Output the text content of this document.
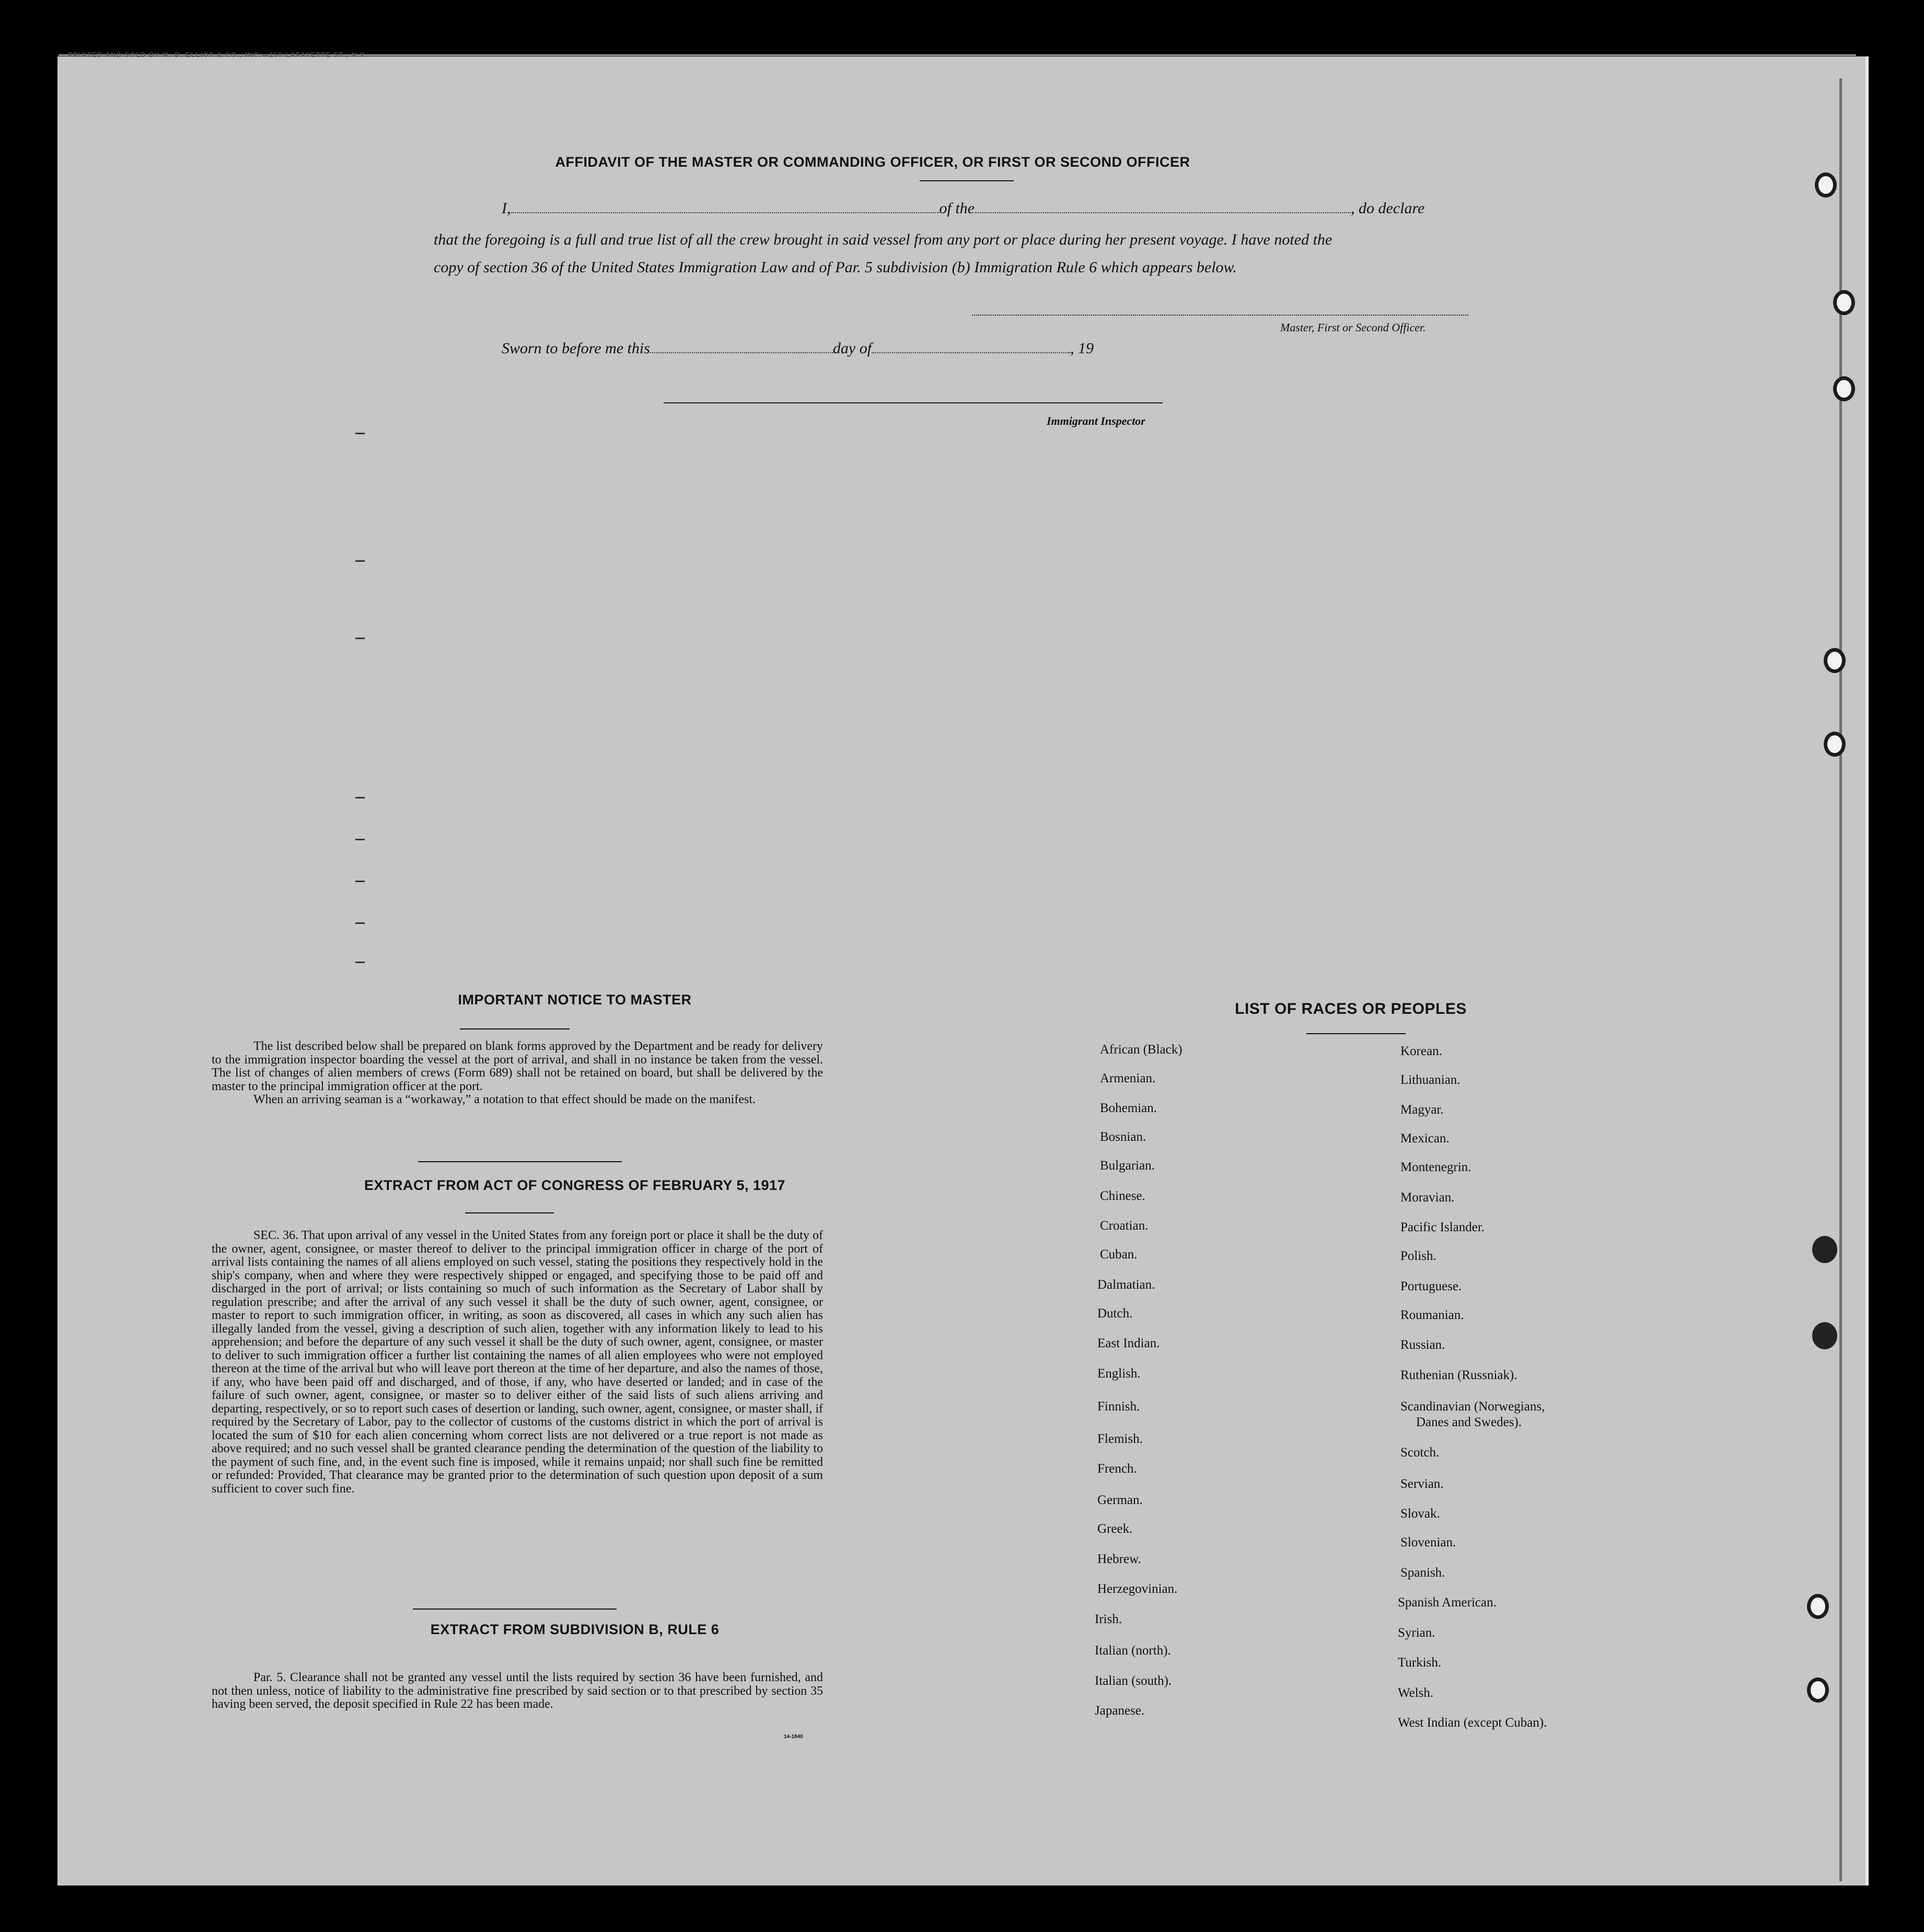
PRINTED AND SOLD BY M. B. ELLIOT & CO., INC.—150 LAFAYETTE ST., N.Y.
AFFIDAVIT OF THE MASTER OR COMMANDING OFFICER, OR FIRST OR SECOND OFFICER
I,	of the	, do declare
that the foregoing is a full and true list of all the crew brought in said vessel from any port or place during her present voyage. I have noted the
copy of section 36 of the United States Immigration Law and of Par. 5 subdivision (b) Immigration Rule 6 which appears below.
Master, First or Second Officer.
Sworn to before me this	day of	, 19
Immigrant Inspector
IMPORTANT NOTICE TO MASTER

The list described below shall be prepared on blank forms approved by the Department and be ready for delivery to the immigration inspector boarding the vessel at the port of arrival, and shall in no instance be taken from the vessel. The list of changes of alien members of crews (Form 689) shall not be retained on board, but shall be delivered by the master to the principal immigration officer at the port.

When an arriving seaman is a “workaway,” a notation to that effect should be made on the manifest.

EXTRACT FROM ACT OF CONGRESS OF FEBRUARY 5, 1917

SEC. 36. That upon arrival of any vessel in the United States from any foreign port or place it shall be the duty of the owner, agent, consignee, or master thereof to deliver to the principal immigration officer in charge of the port of arrival lists containing the names of all aliens employed on such vessel, stating the positions they respectively hold in the ship's company, when and where they were respectively shipped or engaged, and specifying those to be paid off and discharged in the port of arrival; or lists containing so much of such information as the Secretary of Labor shall by regulation prescribe; and after the arrival of any such vessel it shall be the duty of such owner, agent, consignee, or master to report to such immigration officer, in writing, as soon as discovered, all cases in which any such alien has illegally landed from the vessel, giving a description of such alien, together with any information likely to lead to his apprehension; and before the departure of any such vessel it shall be the duty of such owner, agent, consignee, or master to deliver to such immigration officer a further list containing the names of all alien employees who were not employed thereon at the time of the arrival but who will leave port thereon at the time of her departure, and also the names of those, if any, who have been paid off and discharged, and of those, if any, who have deserted or landed; and in case of the failure of such owner, agent, consignee, or master so to deliver either of the said lists of such aliens arriving and departing, respectively, or so to report such cases of desertion or landing, such owner, agent, consignee, or master shall, if required by the Secretary of Labor, pay to the collector of customs of the customs district in which the port of arrival is located the sum of $10 for each alien concerning whom correct lists are not delivered or a true report is not made as above required; and no such vessel shall be granted clearance pending the determination of the question of the liability to the payment of such fine, and, in the event such fine is imposed, while it remains unpaid; nor shall such fine be remitted or refunded: Provided, That clearance may be granted prior to the determination of such question upon deposit of a sum sufficient to cover such fine.

EXTRACT FROM SUBDIVISION B, RULE 6

Par. 5. Clearance shall not be granted any vessel until the lists required by section 36 have been furnished, and not then unless, notice of liability to the administrative fine prescribed by said section or to that prescribed by section 35 having been served, the deposit specified in Rule 22 has been made.

14-1840
LIST OF RACES OR PEOPLES
African (Black)
Armenian.
Bohemian.
Bosnian.
Bulgarian.
Chinese.
Croatian.
Cuban.
Dalmatian.
Dutch.
East Indian.
English.
Finnish.
Flemish.
French.
German.
Greek.
Hebrew.
Herzegovinian.
Irish.
Italian (north).
Italian (south).
Japanese.
Korean.
Lithuanian.
Magyar.
Mexican.
Montenegrin.
Moravian.
Pacific Islander.
Polish.
Portuguese.
Roumanian.
Russian.
Ruthenian (Russniak).
Scandinavian (Norwegians,
Danes and Swedes).
Scotch.
Servian.
Slovak.
Slovenian.
Spanish.
Spanish American.
Syrian.
Turkish.
Welsh.
West Indian (except Cuban).
